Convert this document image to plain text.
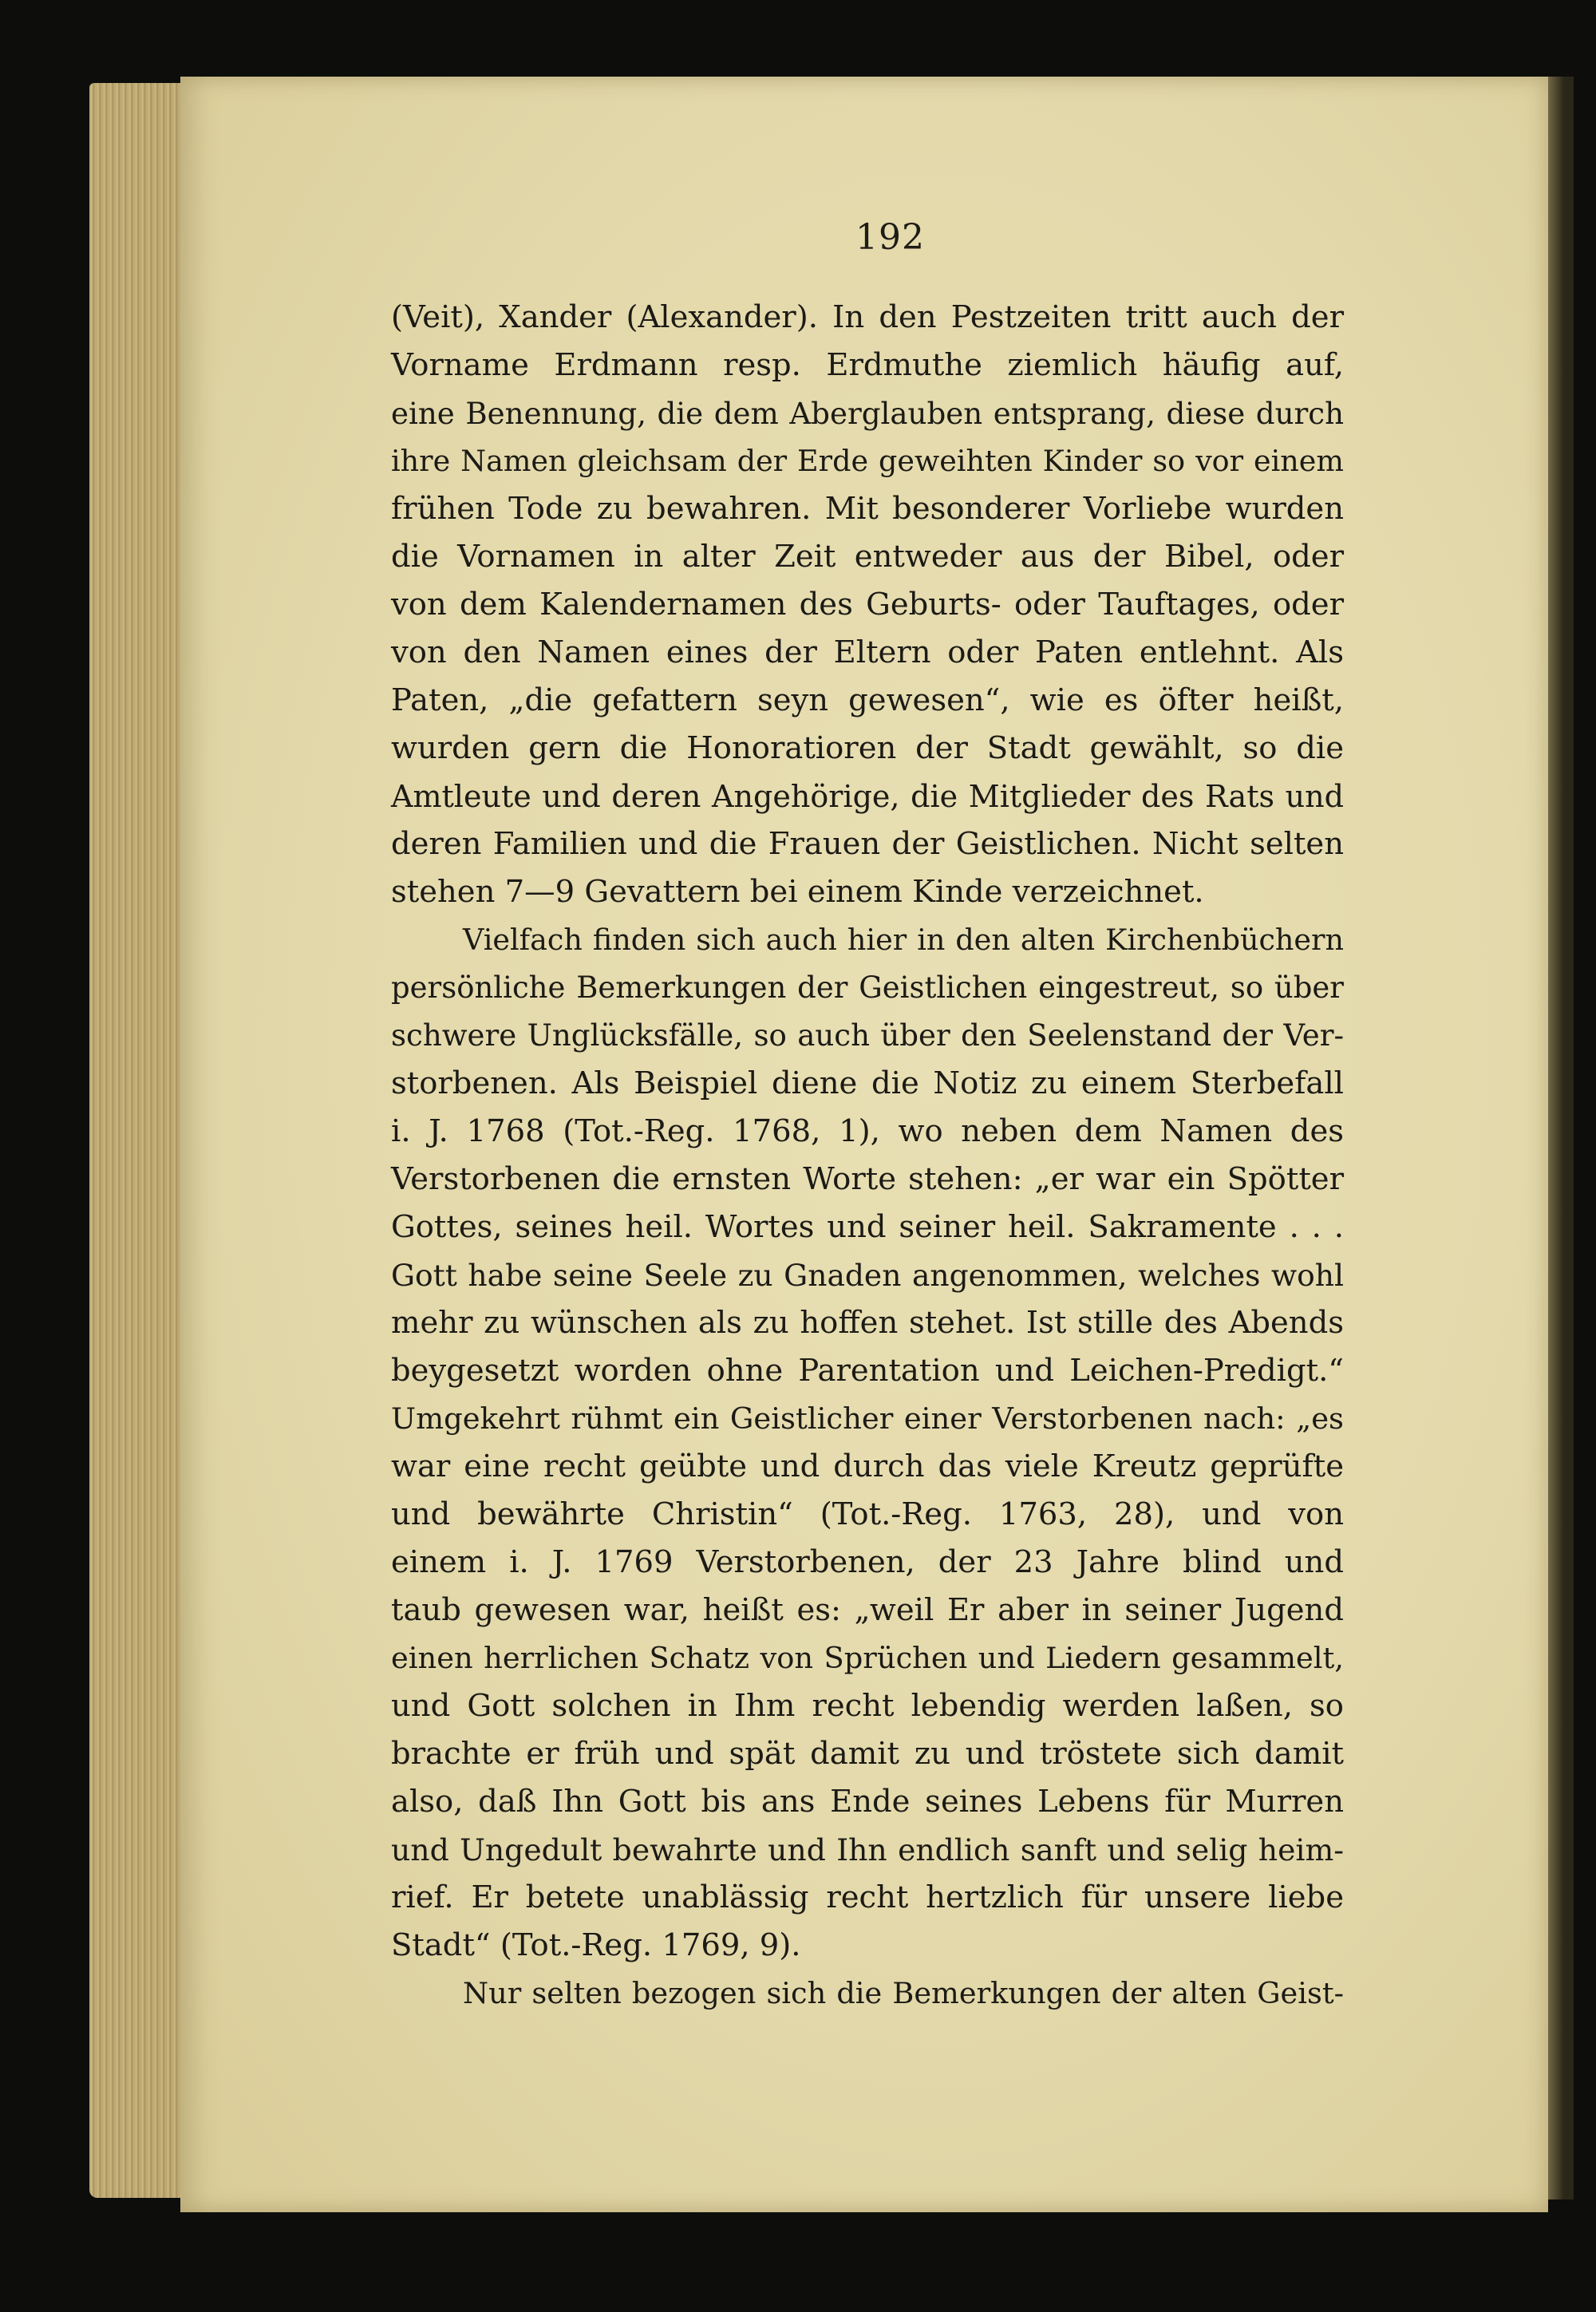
192
(Veit), Xander (Alexander). In den Pestzeiten tritt auch der
Vorname Erdmann resp. Erdmuthe ziemlich häufig auf,
eine Benennung, die dem Aberglauben entsprang, diese durch
ihre Namen gleichsam der Erde geweihten Kinder so vor einem
frühen Tode zu bewahren. Mit besonderer Vorliebe wurden
die Vornamen in alter Zeit entweder aus der Bibel, oder
von dem Kalendernamen des Geburts- oder Tauftages, oder
von den Namen eines der Eltern oder Paten entlehnt. Als
Paten, „die gefattern seyn gewesen“, wie es öfter heißt,
wurden gern die Honoratioren der Stadt gewählt, so die
Amtleute und deren Angehörige, die Mitglieder des Rats und
deren Familien und die Frauen der Geistlichen. Nicht selten
stehen 7—9 Gevattern bei einem Kinde verzeichnet.
Vielfach finden sich auch hier in den alten Kirchenbüchern
persönliche Bemerkungen der Geistlichen eingestreut, so über
schwere Unglücksfälle, so auch über den Seelenstand der Ver-
storbenen. Als Beispiel diene die Notiz zu einem Sterbefall
i. J. 1768 (Tot.-Reg. 1768, 1), wo neben dem Namen des
Verstorbenen die ernsten Worte stehen: „er war ein Spötter
Gottes, seines heil. Wortes und seiner heil. Sakramente . . .
Gott habe seine Seele zu Gnaden angenommen, welches wohl
mehr zu wünschen als zu hoffen stehet. Ist stille des Abends
beygesetzt worden ohne Parentation und Leichen-Predigt.“
Umgekehrt rühmt ein Geistlicher einer Verstorbenen nach: „es
war eine recht geübte und durch das viele Kreutz geprüfte
und bewährte Christin“ (Tot.-Reg. 1763, 28), und von
einem i. J. 1769 Verstorbenen, der 23 Jahre blind und
taub gewesen war, heißt es: „weil Er aber in seiner Jugend
einen herrlichen Schatz von Sprüchen und Liedern gesammelt,
und Gott solchen in Ihm recht lebendig werden laßen, so
brachte er früh und spät damit zu und tröstete sich damit
also, daß Ihn Gott bis ans Ende seines Lebens für Murren
und Ungedult bewahrte und Ihn endlich sanft und selig heim-
rief. Er betete unablässig recht hertzlich für unsere liebe
Stadt“ (Tot.-Reg. 1769, 9).
Nur selten bezogen sich die Bemerkungen der alten Geist-
